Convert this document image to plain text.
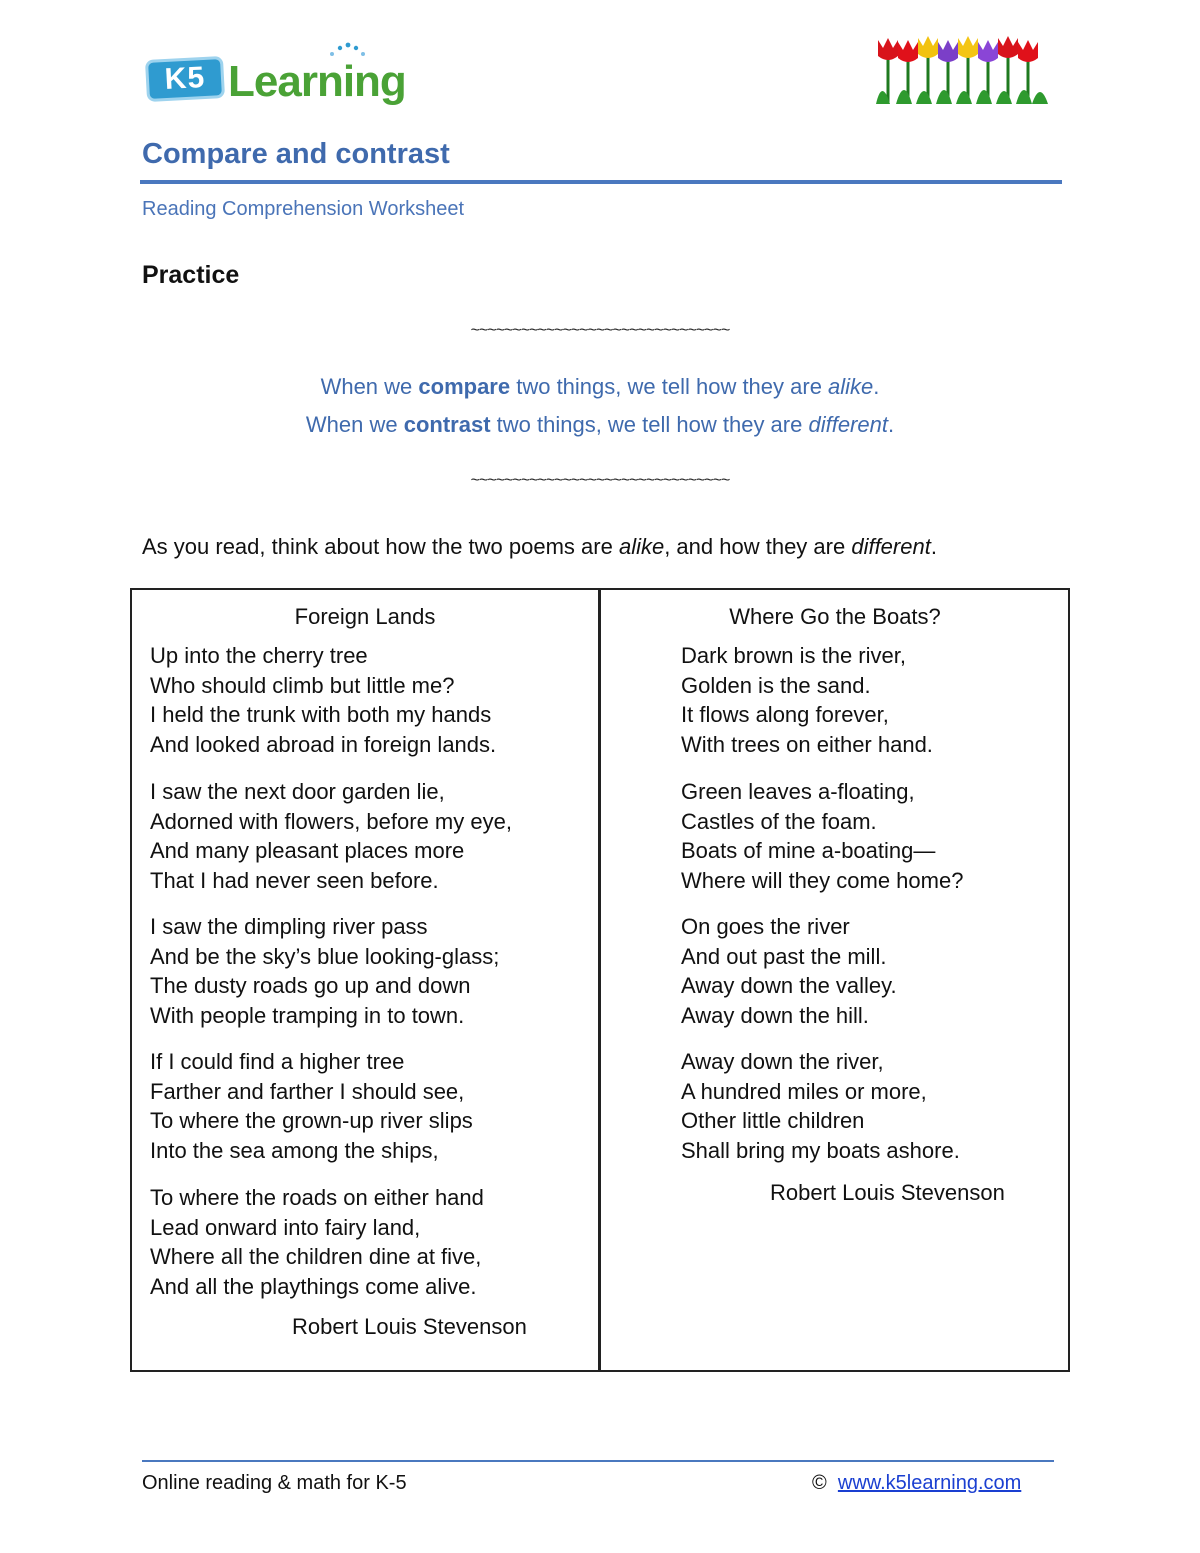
K5 Learning
Compare and contrast
Reading Comprehension Worksheet
Practice
~~~~~~~~~~~~~~~~~~~~~~~~~~~~~~~
When we compare two things, we tell how they are alike.
When we contrast two things, we tell how they are different.
~~~~~~~~~~~~~~~~~~~~~~~~~~~~~~~
As you read, think about how the two poems are alike, and how they are different.
Foreign Lands
Up into the cherry tree
Who should climb but little me?
I held the trunk with both my hands
And looked abroad in foreign lands.
I saw the next door garden lie,
Adorned with flowers, before my eye,
And many pleasant places more
That I had never seen before.
I saw the dimpling river pass
And be the sky’s blue looking-glass;
The dusty roads go up and down
With people tramping in to town.
If I could find a higher tree
Farther and farther I should see,
To where the grown-up river slips
Into the sea among the ships,
To where the roads on either hand
Lead onward into fairy land,
Where all the children dine at five,
And all the playthings come alive.
Robert Louis Stevenson
Where Go the Boats?
Dark brown is the river,
Golden is the sand.
It flows along forever,
With trees on either hand.
Green leaves a-floating,
Castles of the foam.
Boats of mine a-boating—
Where will they come home?
On goes the river
And out past the mill.
Away down the valley.
Away down the hill.
Away down the river,
A hundred miles or more,
Other little children
Shall bring my boats ashore.
Robert Louis Stevenson
Online reading & math for K-5	© www.k5learning.com
